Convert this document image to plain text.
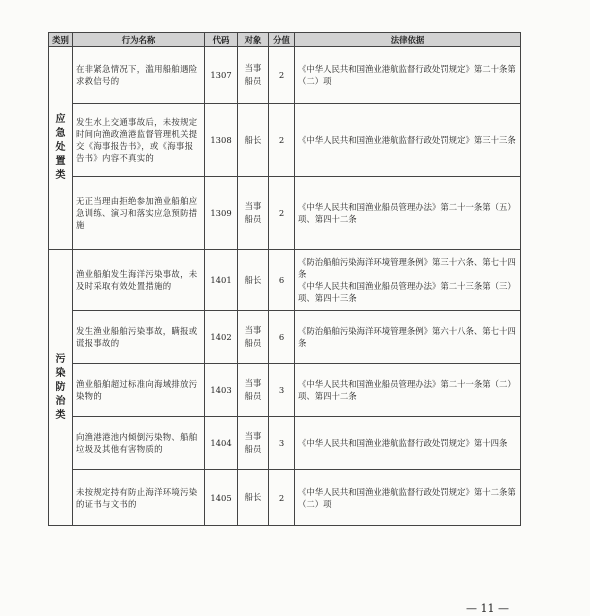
类别	行为名称	代码	对象	分值	法律依据

应急处置类	在非紧急情况下，滥用船舶遇险求救信号的	1307	当事船员	2	《中华人民共和国渔业港航监督行政处罚规定》第二十条第（二）项

	发生水上交通事故后，未按规定时间向渔政渔港监督管理机关提交《海事报告书》，或《海事报告书》内容不真实的	1308	船长	2	《中华人民共和国渔业港航监督行政处罚规定》第三十三条

	无正当理由拒绝参加渔业船舶应急训练、演习和落实应急预防措施	1309	当事船员	2	《中华人民共和国渔业船员管理办法》第二十一条第（五）项、第四十二条

污染防治类	渔业船舶发生海洋污染事故，未及时采取有效处置措施的	1401	船长	6	《防治船舶污染海洋环境管理条例》第三十六条、第七十四条
《中华人民共和国渔业船员管理办法》第二十三条第（三）项、第四十三条

	发生渔业船舶污染事故，瞒报或谎报事故的	1402	当事船员	6	《防治船舶污染海洋环境管理条例》第六十八条、第七十四条

	渔业船舶超过标准向海域排放污染物的	1403	当事船员	3	《中华人民共和国渔业船员管理办法》第二十一条第（二）项、第四十二条

	向渔港港池内倾倒污染物、船舶垃圾及其他有害物质的	1404	当事船员	3	《中华人民共和国渔业港航监督行政处罚规定》第十四条

	未按规定持有防止海洋环境污染的证书与文书的	1405	船长	2	《中华人民共和国渔业港航监督行政处罚规定》第十二条第（二）项
— 11 —
